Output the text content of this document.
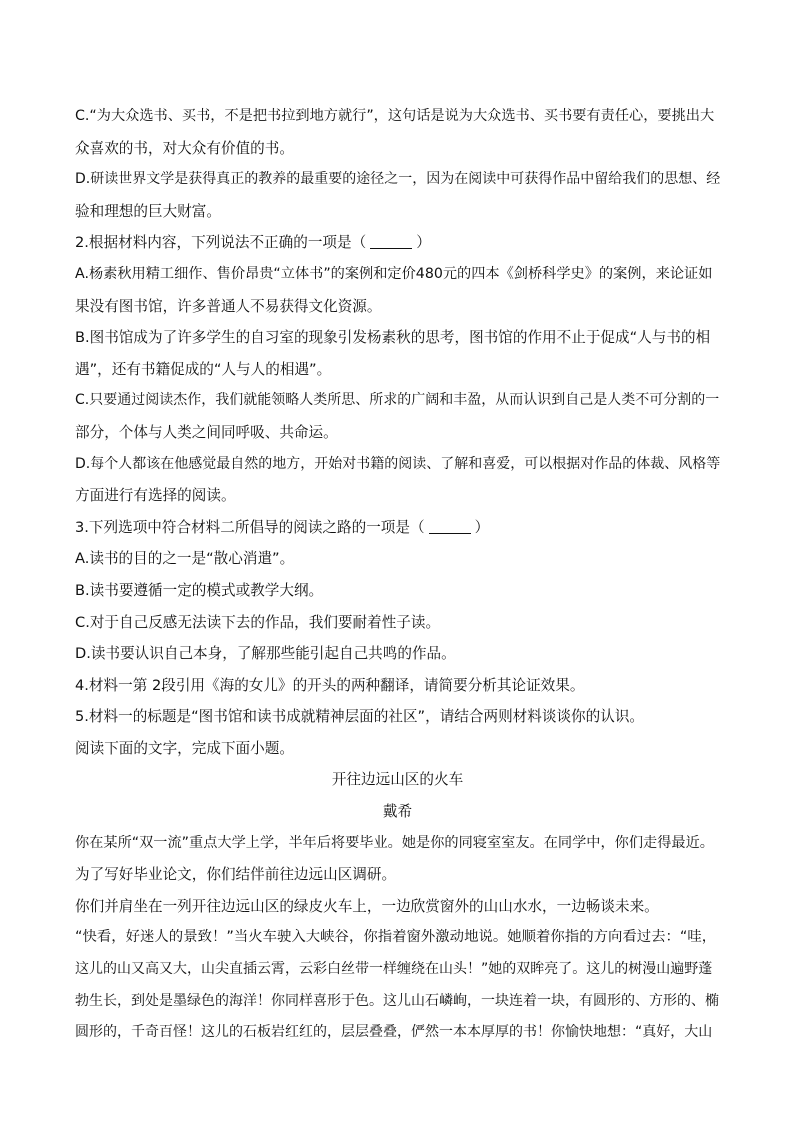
C.“为大众选书、买书，不是把书拉到地方就行”，这句话是说为大众选书、买书要有责任心，要挑出大
众喜欢的书，对大众有价值的书。
D.研读世界文学是获得真正的教养的最重要的途径之一，因为在阅读中可获得作品中留给我们的思想、经
验和理想的巨大财富。
2.根据材料内容，下列说法不正确的一项是（	）
A.杨素秋用精工细作、售价昂贵“立体书”的案例和定价480元的四本《剑桥科学史》的案例，来论证如
果没有图书馆，许多普通人不易获得文化资源。
B.图书馆成为了许多学生的自习室的现象引发杨素秋的思考，图书馆的作用不止于促成“人与书的相
遇”，还有书籍促成的“人与人的相遇”。
C.只要通过阅读杰作，我们就能领略人类所思、所求的广阔和丰盈，从而认识到自己是人类不可分割的一
部分，个体与人类之间同呼吸、共命运。
D.每个人都该在他感觉最自然的地方，开始对书籍的阅读、了解和喜爱，可以根据对作品的体裁、风格等
方面进行有选择的阅读。
3.下列选项中符合材料二所倡导的阅读之路的一项是（	）
A.读书的目的之一是“散心消遣”。
B.读书要遵循一定的模式或教学大纲。
C.对于自己反感无法读下去的作品，我们要耐着性子读。
D.读书要认识自己本身，了解那些能引起自己共鸣的作品。
4.材料一第 2段引用《海的女儿》的开头的两种翻译，请简要分析其论证效果。
5.材料一的标题是“图书馆和读书成就精神层面的社区”，请结合两则材料谈谈你的认识。
阅读下面的文字，完成下面小题。
开往边远山区的火车
戴希
你在某所“双一流”重点大学上学，半年后将要毕业。她是你的同寝室室友。在同学中，你们走得最近。
为了写好毕业论文，你们结伴前往边远山区调研。
你们并肩坐在一列开往边远山区的绿皮火车上，一边欣赏窗外的山山水水，一边畅谈未来。
“快看，好迷人的景致！”当火车驶入大峡谷，你指着窗外激动地说。她顺着你指的方向看过去：“哇，
这儿的山又高又大，山尖直插云霄，云彩白丝带一样缠绕在山头！”她的双眸亮了。这儿的树漫山遍野蓬
勃生长，到处是墨绿色的海洋！你同样喜形于色。这儿山石嶙峋，一块连着一块，有圆形的、方形的、椭
圆形的，千奇百怪！这儿的石板岩红红的，层层叠叠，俨然一本本厚厚的书！你愉快地想：“真好，大山
